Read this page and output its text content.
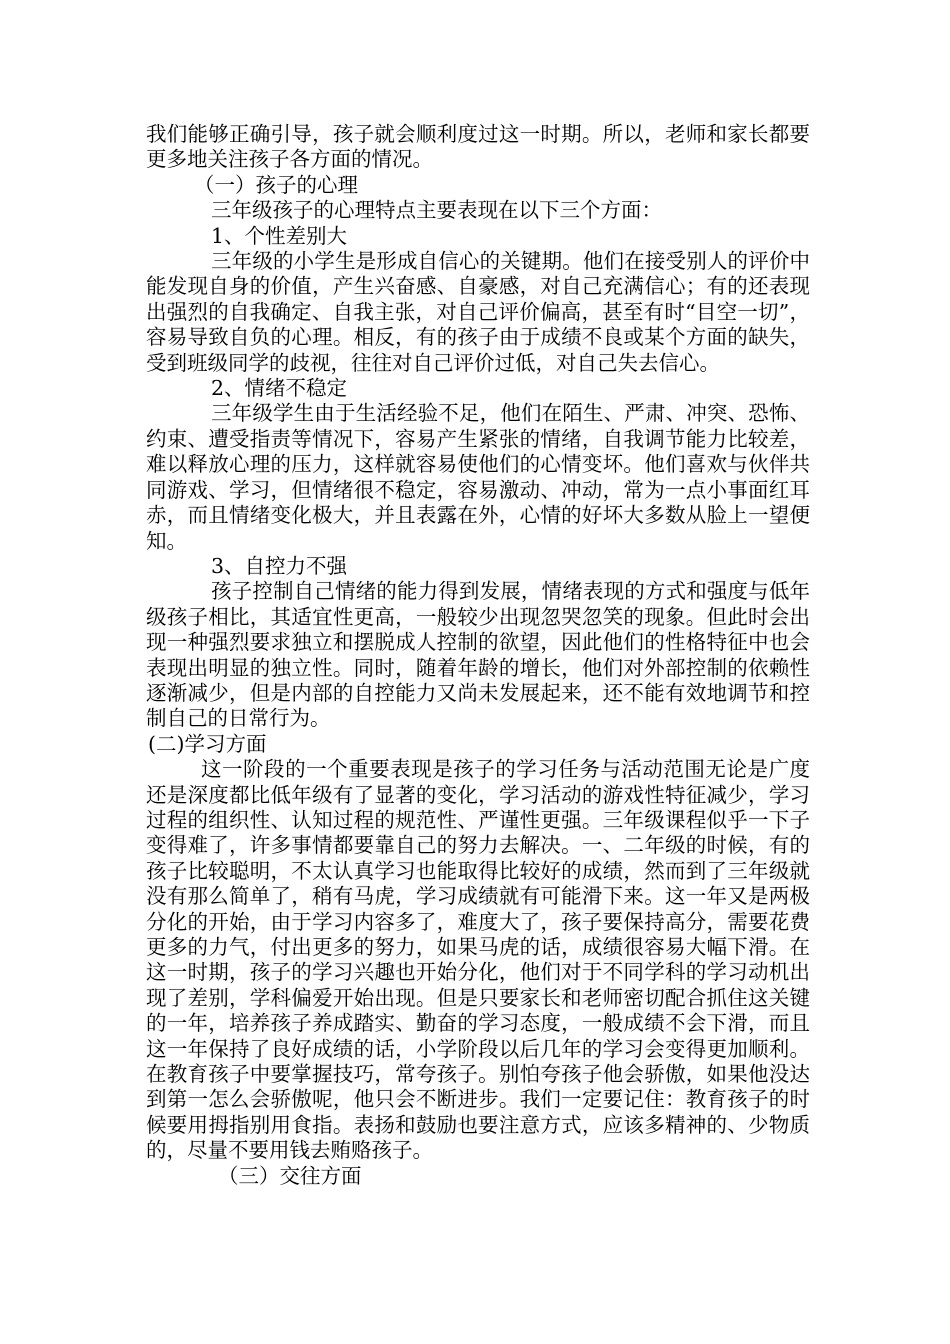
我们能够正确引导，孩子就会顺利度过这一时期。所以，老师和家长都要更多地关注孩子各方面的情况。

（一）孩子的心理

三年级孩子的心理特点主要表现在以下三个方面：

1、个性差别大

三年级的小学生是形成自信心的关键期。他们在接受别人的评价中能发现自身的价值，产生兴奋感、自豪感，对自己充满信心；有的还表现出强烈的自我确定、自我主张，对自己评价偏高，甚至有时“目空一切”，容易导致自负的心理。相反，有的孩子由于成绩不良或某个方面的缺失，受到班级同学的歧视，往往对自己评价过低，对自己失去信心。

2、情绪不稳定

三年级学生由于生活经验不足，他们在陌生、严肃、冲突、恐怖、约束、遭受指责等情况下，容易产生紧张的情绪，自我调节能力比较差，难以释放心理的压力，这样就容易使他们的心情变坏。他们喜欢与伙伴共同游戏、学习，但情绪很不稳定，容易激动、冲动，常为一点小事面红耳赤，而且情绪变化极大，并且表露在外，心情的好坏大多数从脸上一望便知。

3、自控力不强

孩子控制自己情绪的能力得到发展，情绪表现的方式和强度与低年级孩子相比，其适宜性更高，一般较少出现忽哭忽笑的现象。但此时会出现一种强烈要求独立和摆脱成人控制的欲望，因此他们的性格特征中也会表现出明显的独立性。同时，随着年龄的增长，他们对外部控制的依赖性逐渐减少，但是内部的自控能力又尚未发展起来，还不能有效地调节和控制自己的日常行为。

(二)学习方面

这一阶段的一个重要表现是孩子的学习任务与活动范围无论是广度还是深度都比低年级有了显著的变化，学习活动的游戏性特征减少，学习过程的组织性、认知过程的规范性、严谨性更强。三年级课程似乎一下子变得难了，许多事情都要靠自己的努力去解决。一、二年级的时候，有的孩子比较聪明，不太认真学习也能取得比较好的成绩，然而到了三年级就没有那么简单了，稍有马虎，学习成绩就有可能滑下来。这一年又是两极分化的开始，由于学习内容多了，难度大了，孩子要保持高分，需要花费更多的力气，付出更多的努力，如果马虎的话，成绩很容易大幅下滑。在这一时期，孩子的学习兴趣也开始分化，他们对于不同学科的学习动机出现了差别，学科偏爱开始出现。但是只要家长和老师密切配合抓住这关键的一年，培养孩子养成踏实、勤奋的学习态度，一般成绩不会下滑，而且这一年保持了良好成绩的话，小学阶段以后几年的学习会变得更加顺利。在教育孩子中要掌握技巧，常夸孩子。别怕夸孩子他会骄傲，如果他没达到第一怎么会骄傲呢，他只会不断进步。我们一定要记住：教育孩子的时候要用拇指别用食指。表扬和鼓励也要注意方式，应该多精神的、少物质的，尽量不要用钱去贿赂孩子。

（三）交往方面
